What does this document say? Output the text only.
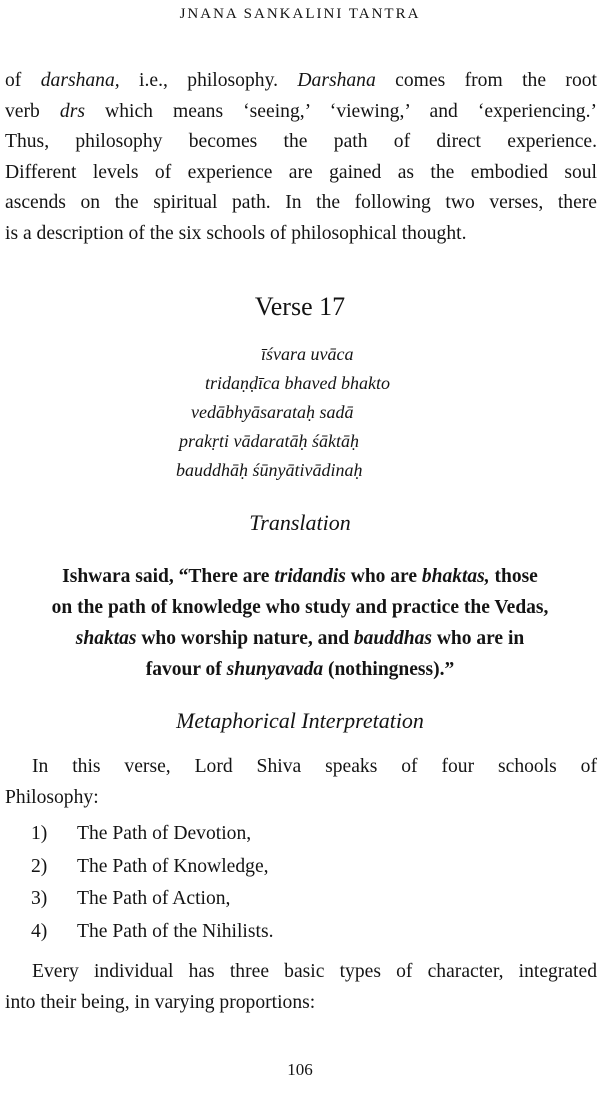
JNANA SANKALINI TANTRA
of darshana, i.e., philosophy. Darshana comes from the root
verb drs which means ‘seeing,’ ‘viewing,’ and ‘experiencing.’
Thus, philosophy becomes the path of direct experience.
Different levels of experience are gained as the embodied soul
ascends on the spiritual path. In the following two verses, there
is a description of the six schools of philosophical thought.
Verse 17
īśvara uvāca
tridaṇḍīca bhaved bhakto
vedābhyāsarataḥ sadā
prakṛti vādaratāḥ śāktāḥ
bauddhāḥ śūnyātivādinaḥ
Translation
Ishwara said, “There are tridandis who are bhaktas, those
on the path of knowledge who study and practice the Vedas,
shaktas who worship nature, and bauddhas who are in
favour of shunyavada (nothingness).”
Metaphorical Interpretation
In this verse, Lord Shiva speaks of four schools of
Philosophy:
1) The Path of Devotion,
2) The Path of Knowledge,
3) The Path of Action,
4) The Path of the Nihilists.
Every individual has three basic types of character, integrated
into their being, in varying proportions:
106
